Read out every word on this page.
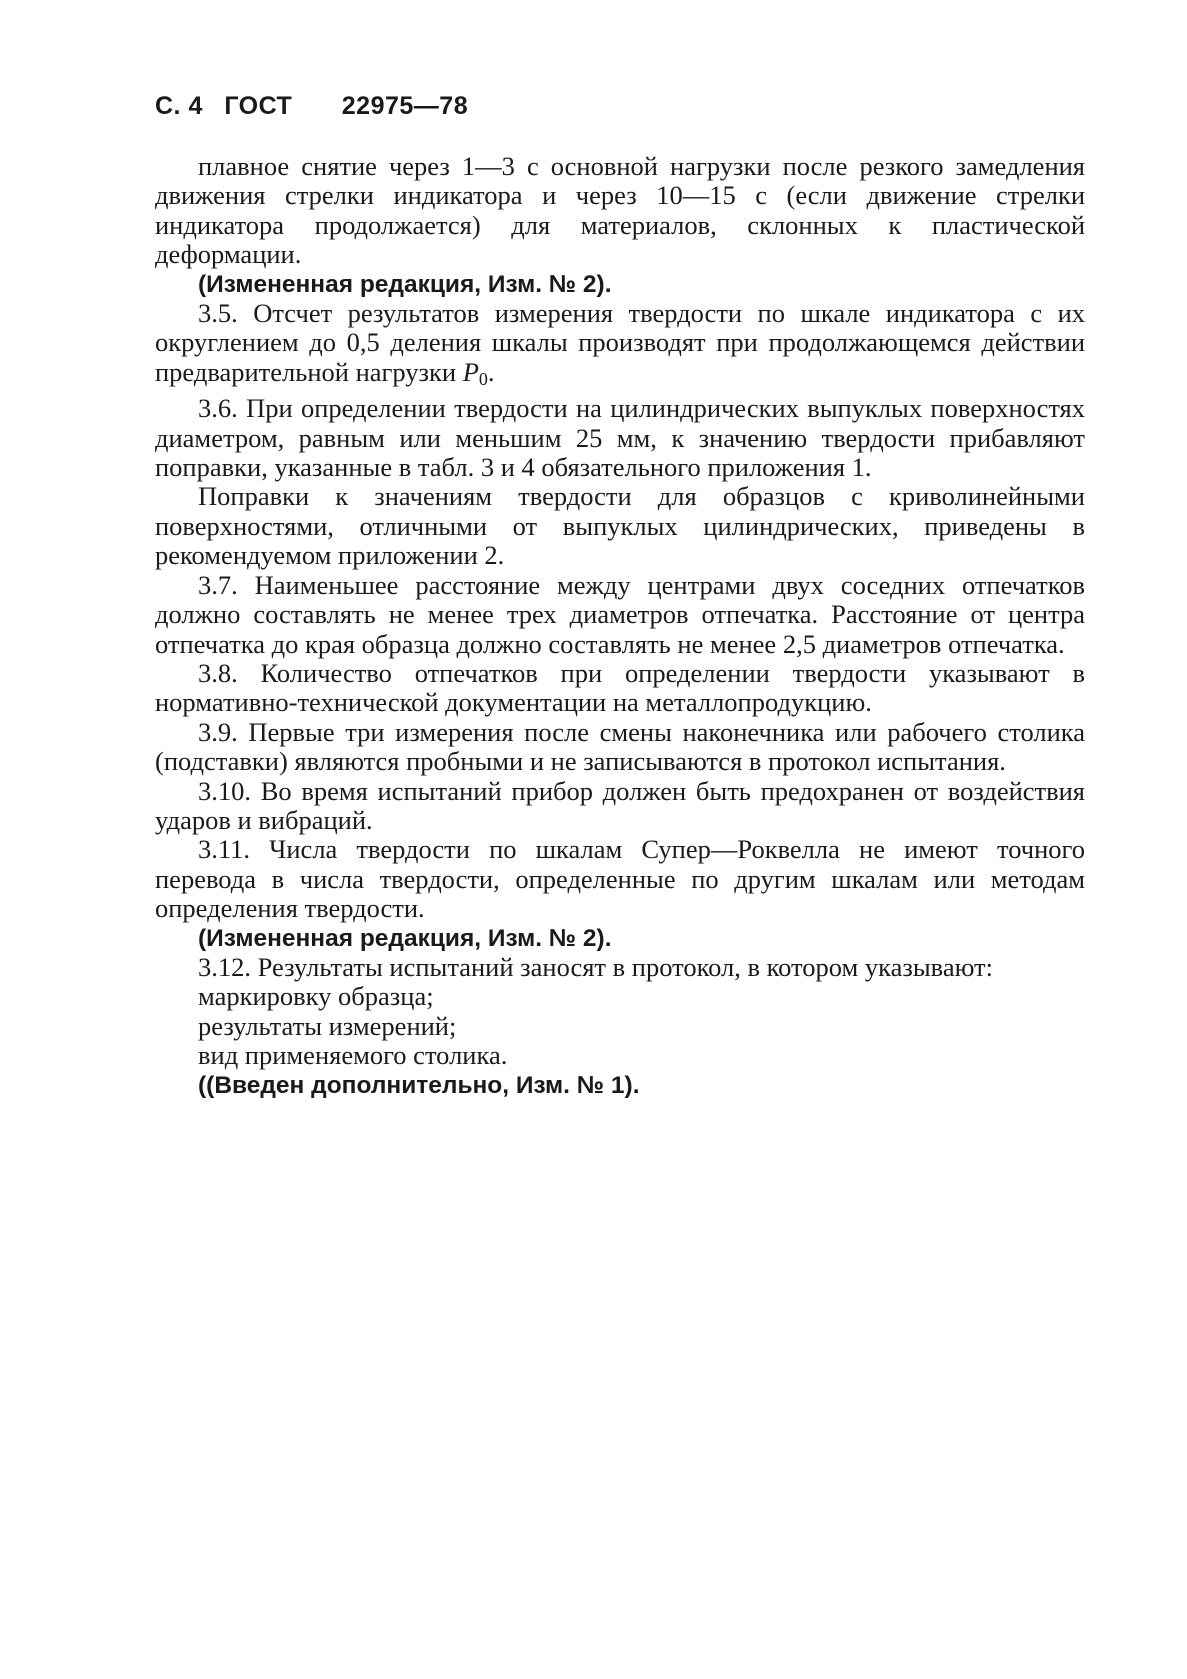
С. 4 ГОСТ 22975—78

плавное снятие через 1—3 с основной нагрузки после резкого замедления движения стрелки индикатора и через 10—15 с (если движение стрелки индикатора продолжается) для материалов, склонных к пластической деформации.

(Измененная редакция, Изм. № 2).

3.5. Отсчет результатов измерения твердости по шкале индикатора с их округлением до 0,5 деления шкалы производят при продолжающемся действии предварительной нагрузки $P_0$.

3.6. При определении твердости на цилиндрических выпуклых поверхностях диаметром, равным или меньшим 25 мм, к значению твердости прибавляют поправки, указанные в табл. 3 и 4 обязательного приложения 1.

Поправки к значениям твердости для образцов с криволинейными поверхностями, отличными от выпуклых цилиндрических, приведены в рекомендуемом приложении 2.

3.7. Наименьшее расстояние между центрами двух соседних отпечатков должно составлять не менее трех диаметров отпечатка. Расстояние от центра отпечатка до края образца должно составлять не менее 2,5 диаметров отпечатка.

3.8. Количество отпечатков при определении твердости указывают в нормативно-технической документации на металлопродукцию.

3.9. Первые три измерения после смены наконечника или рабочего столика (подставки) являются пробными и не записываются в протокол испытания.

3.10. Во время испытаний прибор должен быть предохранен от воздействия ударов и вибраций.

3.11. Числа твердости по шкалам Супер—Роквелла не имеют точного перевода в числа твердости, определенные по другим шкалам или методам определения твердости.

(Измененная редакция, Изм. № 2).

3.12. Результаты испытаний заносят в протокол, в котором указывают:

маркировку образца;

результаты измерений;

вид применяемого столика.

((Введен дополнительно, Изм. № 1).
